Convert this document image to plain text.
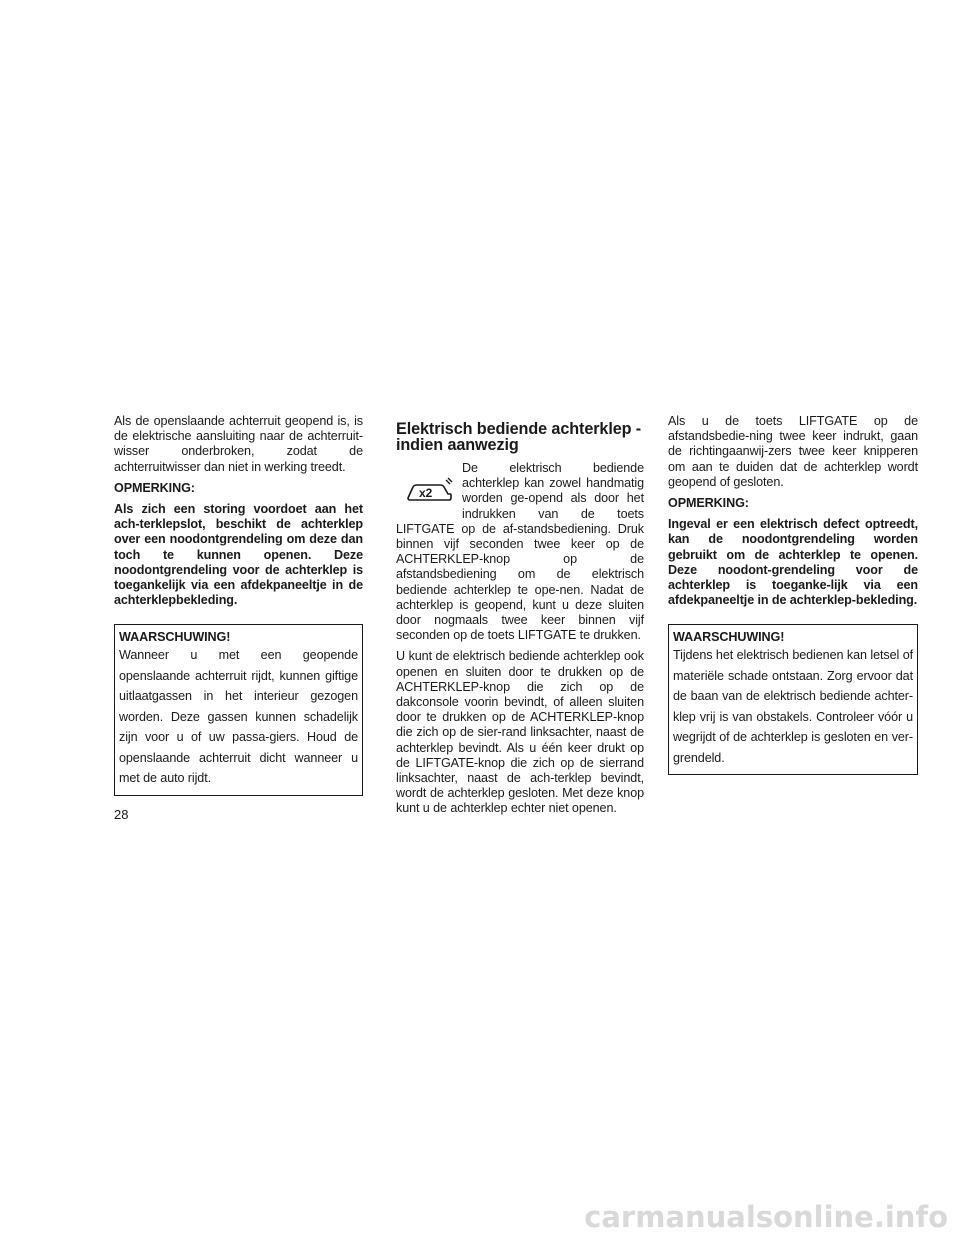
Als de openslaande achterruit geopend is, is de elektrische aansluiting naar de achterruit-wisser onderbroken, zodat de achterruitwisser dan niet in werking treedt.

OPMERKING:

Als zich een storing voordoet aan het ach-terklepslot, beschikt de achterklep over een noodontgrendeling om deze dan toch te kunnen openen. Deze noodontgrendeling voor de achterklep is toegankelijk via een afdekpaneeltje in de achterklepbekleding.

WAARSCHUWING!
Wanneer u met een geopende openslaande achterruit rijdt, kunnen giftige uitlaatgassen in het interieur gezogen worden. Deze gassen kunnen schadelijk zijn voor u of uw passa-giers. Houd de openslaande achterruit dicht wanneer u met de auto rijdt.
Elektrisch bediende achterklep - indien aanwezig
x2

De elektrisch bediende achterklep kan zowel handmatig worden ge-opend als door het indrukken van de toets LIFTGATE op de af-standsbediening. Druk binnen vijf seconden twee keer op de ACHTERKLEP-knop op de afstandsbediening om de elektrisch bediende achterklep te ope-nen. Nadat de achterklep is geopend, kunt u deze sluiten door nogmaals twee keer binnen vijf seconden op de toets LIFTGATE te drukken.

U kunt de elektrisch bediende achterklep ook openen en sluiten door te drukken op de ACHTERKLEP-knop die zich op de dakconsole voorin bevindt, of alleen sluiten door te drukken op de ACHTERKLEP-knop die zich op de sier-rand linksachter, naast de achterklep bevindt. Als u één keer drukt op de LIFTGATE-knop die zich op de sierrand linksachter, naast de ach-terklep bevindt, wordt de achterklep gesloten. Met deze knop kunt u de achterklep echter niet openen.

Als u de toets LIFTGATE op de afstandsbedie-ning twee keer indrukt, gaan de richtingaanwij-zers twee keer knipperen om aan te duiden dat de achterklep wordt geopend of gesloten.

OPMERKING:

Ingeval er een elektrisch defect optreedt, kan de noodontgrendeling worden gebruikt om de achterklep te openen. Deze noodont-grendeling voor de achterklep is toeganke-lijk via een afdekpaneeltje in de achterklep-bekleding.

WAARSCHUWING!
Tijdens het elektrisch bedienen kan letsel of materiële schade ontstaan. Zorg ervoor dat de baan van de elektrisch bediende achter-klep vrij is van obstakels. Controleer vóór u wegrijdt of de achterklep is gesloten en ver-grendeld.
28
carmanualsonline.info
